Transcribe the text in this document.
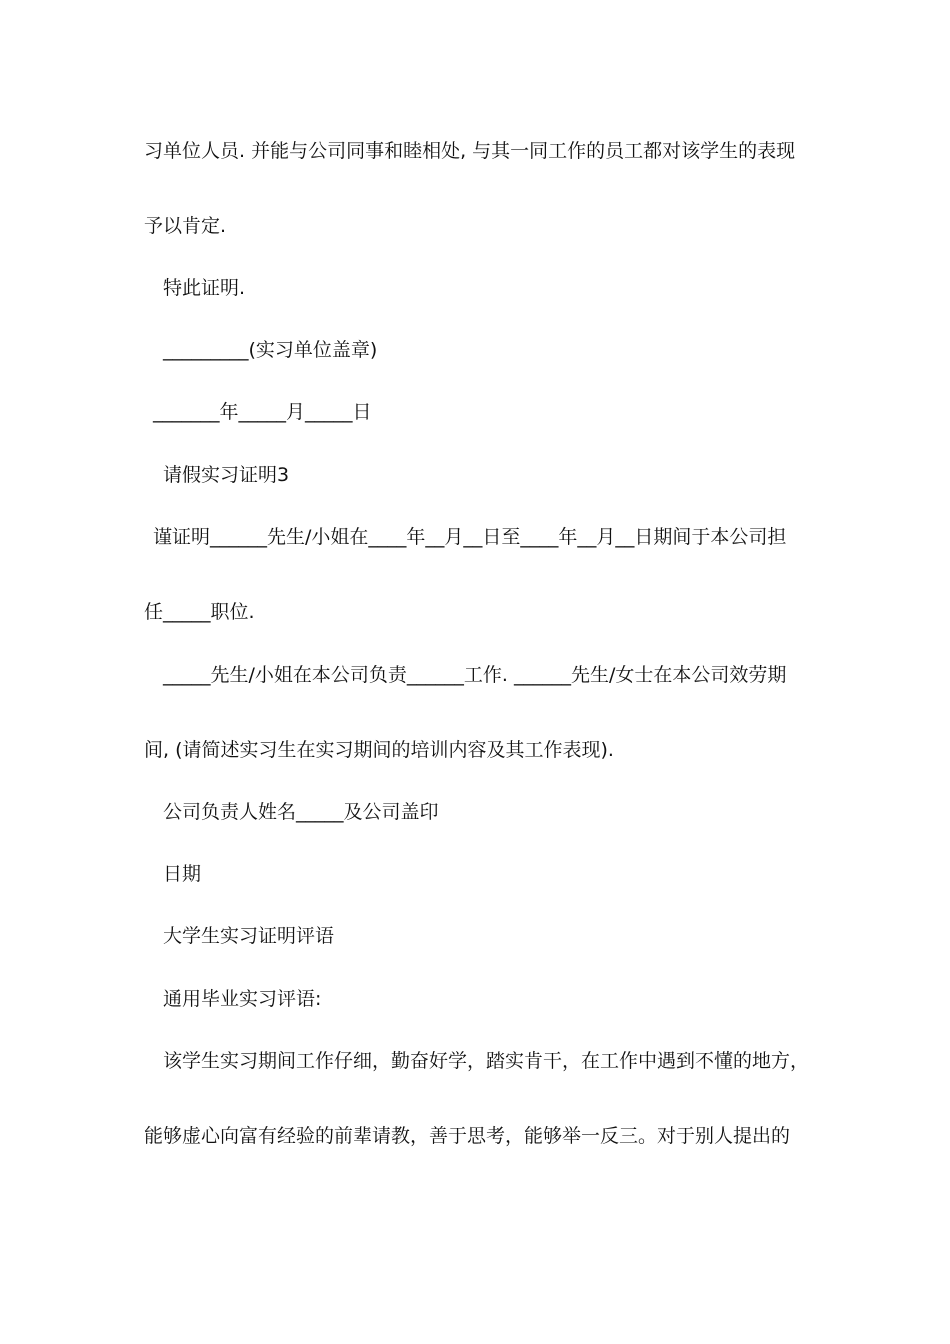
习单位人员. 并能与公司同事和睦相处, 与其一同工作的员工都对该学生的表现

予以肯定.

特此证明.

_________(实习单位盖章)

_______年_____月_____日

请假实习证明3

谨证明______先生/小姐在____年__月__日至____年__月__日期间于本公司担

任_____职位.

_____先生/小姐在本公司负责______工作. ______先生/女士在本公司效劳期

间, (请简述实习生在实习期间的培训内容及其工作表现).

公司负责人姓名_____及公司盖印

日期

大学生实习证明评语

通用毕业实习评语:

该学生实习期间工作仔细，勤奋好学，踏实肯干，在工作中遇到不懂的地方，

能够虚心向富有经验的前辈请教，善于思考，能够举一反三。对于别人提出的
